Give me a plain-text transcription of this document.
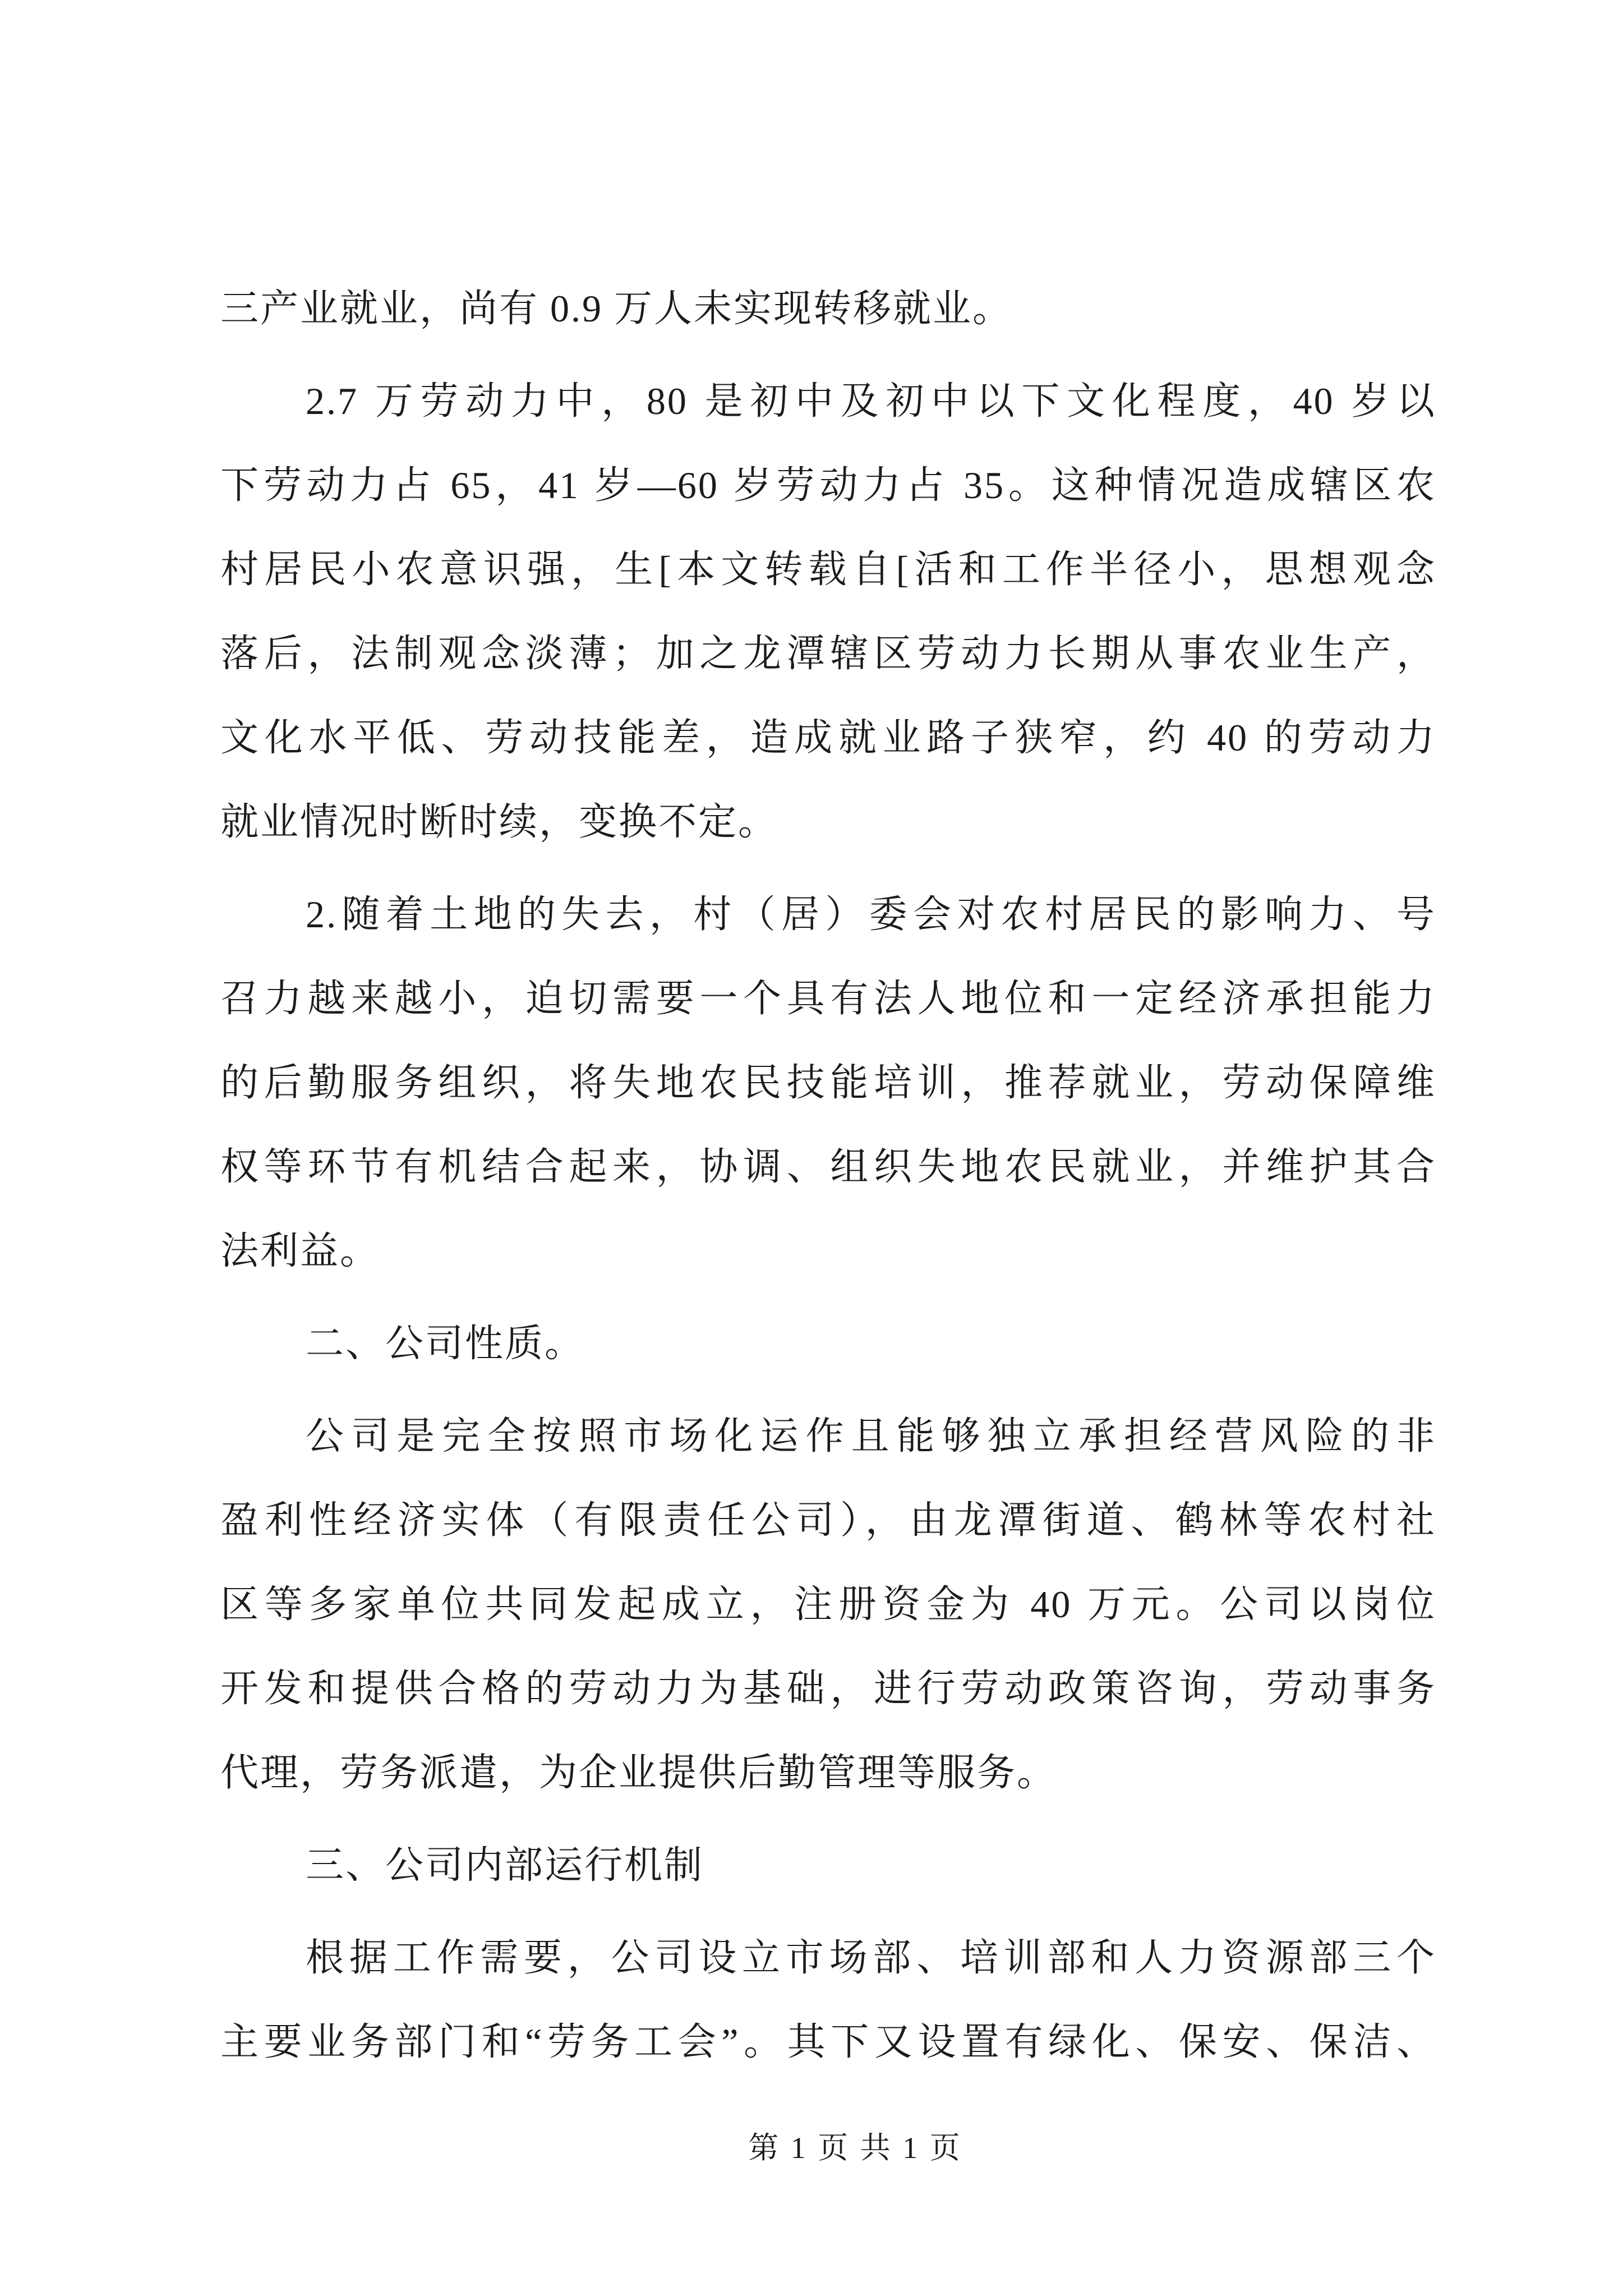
三产业就业，尚有 0.9 万人未实现转移就业。
2.7 万劳动力中，80 是初中及初中以下文化程度，40 岁以
下劳动力占 65，41 岁—60 岁劳动力占 35。这种情况造成辖区农
村居民小农意识强，生[本文转载自[活和工作半径小，思想观念
落后，法制观念淡薄；加之龙潭辖区劳动力长期从事农业生产，
文化水平低、劳动技能差，造成就业路子狭窄，约 40 的劳动力
就业情况时断时续，变换不定。
2.随着土地的失去，村（居）委会对农村居民的影响力、号
召力越来越小，迫切需要一个具有法人地位和一定经济承担能力
的后勤服务组织，将失地农民技能培训，推荐就业，劳动保障维
权等环节有机结合起来，协调、组织失地农民就业，并维护其合
法利益。
二、公司性质。
公司是完全按照市场化运作且能够独立承担经营风险的非
盈利性经济实体（有限责任公司），由龙潭街道、鹤林等农村社
区等多家单位共同发起成立，注册资金为 40 万元。公司以岗位
开发和提供合格的劳动力为基础，进行劳动政策咨询，劳动事务
代理，劳务派遣，为企业提供后勤管理等服务。
三、公司内部运行机制
根据工作需要，公司设立市场部、培训部和人力资源部三个
主要业务部门和“劳务工会”。其下又设置有绿化、保安、保洁、
第 1 页 共 1 页
